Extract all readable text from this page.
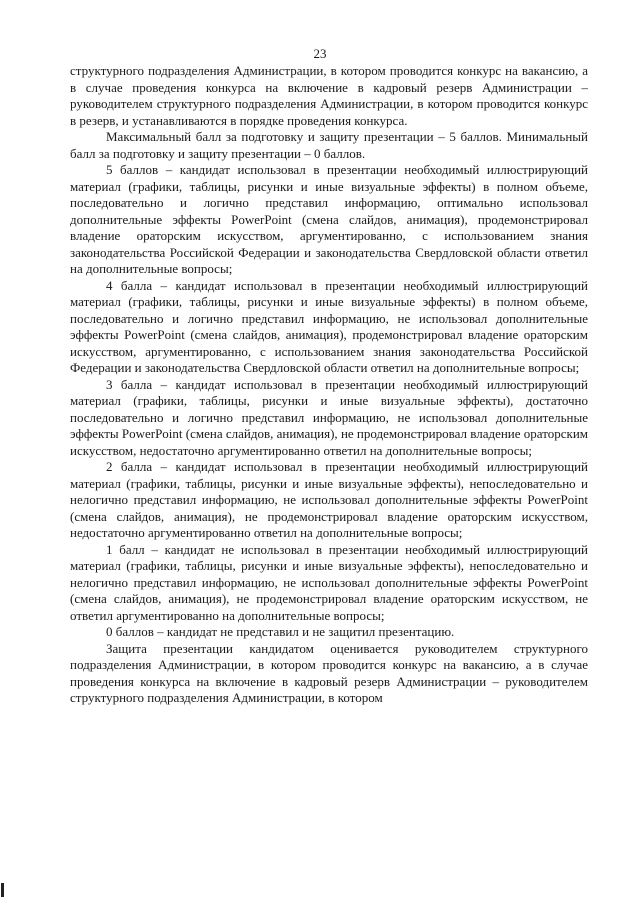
23

структурного подразделения Администрации, в котором проводится конкурс на вакансию, а в случае проведения конкурса на включение в кадровый резерв Администрации – руководителем структурного подразделения Администрации, в котором проводится конкурс в резерв, и устанавливаются в порядке проведения конкурса.

Максимальный балл за подготовку и защиту презентации – 5 баллов. Минимальный балл за подготовку и защиту презентации – 0 баллов.

5 баллов – кандидат использовал в презентации необходимый иллюстрирующий материал (графики, таблицы, рисунки и иные визуальные эффекты) в полном объеме, последовательно и логично представил информацию, оптимально использовал дополнительные эффекты PowerPoint (смена слайдов, анимация), продемонстрировал владение ораторским искусством, аргументированно, с использованием знания законодательства Российской Федерации и законодательства Свердловской области ответил на дополнительные вопросы;

4 балла – кандидат использовал в презентации необходимый иллюстрирующий материал (графики, таблицы, рисунки и иные визуальные эффекты) в полном объеме, последовательно и логично представил информацию, не использовал дополнительные эффекты PowerPoint (смена слайдов, анимация), продемонстрировал владение ораторским искусством, аргументированно, с использованием знания законодательства Российской Федерации и законодательства Свердловской области ответил на дополнительные вопросы;

3 балла – кандидат использовал в презентации необходимый иллюстрирующий материал (графики, таблицы, рисунки и иные визуальные эффекты), достаточно последовательно и логично представил информацию, не использовал дополнительные эффекты PowerPoint (смена слайдов, анимация), не продемонстрировал владение ораторским искусством, недостаточно аргументированно ответил на дополнительные вопросы;

2 балла – кандидат использовал в презентации необходимый иллюстрирующий материал (графики, таблицы, рисунки и иные визуальные эффекты), непоследовательно и нелогично представил информацию, не использовал дополнительные эффекты PowerPoint (смена слайдов, анимация), не продемонстрировал владение ораторским искусством, недостаточно аргументированно ответил на дополнительные вопросы;

1 балл – кандидат не использовал в презентации необходимый иллюстрирующий материал (графики, таблицы, рисунки и иные визуальные эффекты), непоследовательно и нелогично представил информацию, не использовал дополнительные эффекты PowerPoint (смена слайдов, анимация), не продемонстрировал владение ораторским искусством, не ответил аргументированно на дополнительные вопросы;

0 баллов – кандидат не представил и не защитил презентацию.

Защита презентации кандидатом оценивается руководителем структурного подразделения Администрации, в котором проводится конкурс на вакансию, а в случае проведения конкурса на включение в кадровый резерв Администрации – руководителем структурного подразделения Администрации, в котором
